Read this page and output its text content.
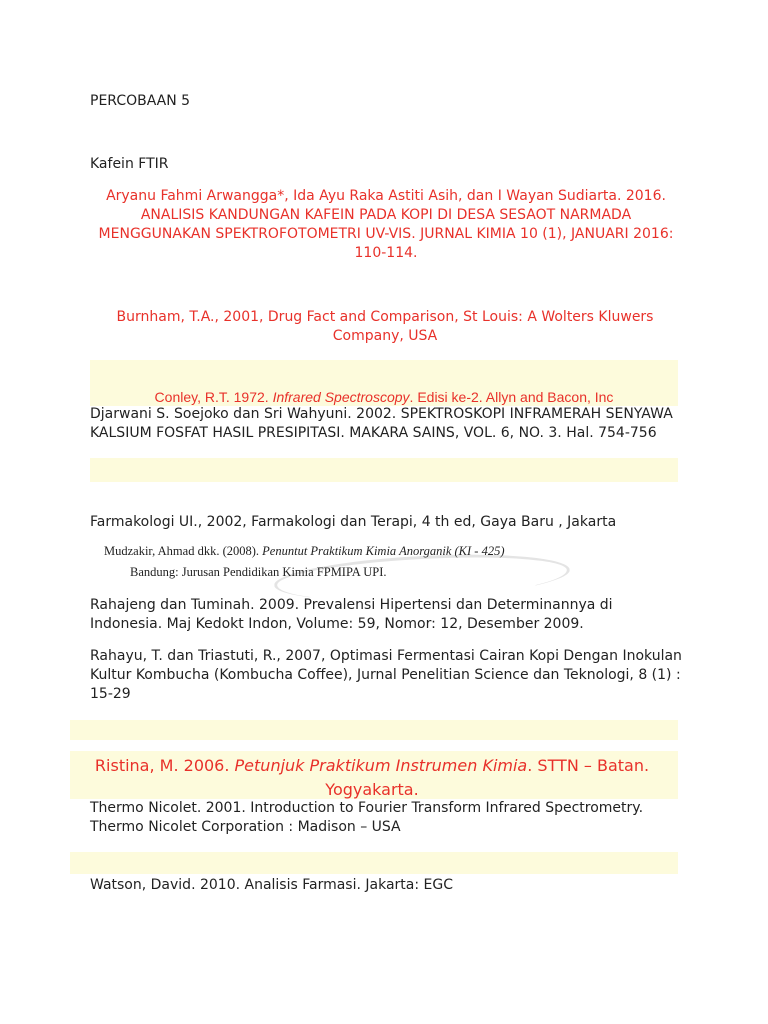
PERCOBAAN 5

Kafein FTIR

Aryanu Fahmi Arwangga*, Ida Ayu Raka Astiti Asih, dan I Wayan Sudiarta. 2016. ANALISIS KANDUNGAN KAFEIN PADA KOPI DI DESA SESAOT NARMADA MENGGUNAKAN SPEKTROFOTOMETRI UV-VIS. JURNAL KIMIA 10 (1), JANUARI 2016: 110-114.

Burnham, T.A., 2001, Drug Fact and Comparison, St Louis: A Wolters Kluwers Company, USA

Conley, R.T. 1972. Infrared Spectroscopy. Edisi ke-2. Allyn and Bacon, Inc

Djarwani S. Soejoko dan Sri Wahyuni. 2002. SPEKTROSKOPI INFRAMERAH SENYAWA KALSIUM FOSFAT HASIL PRESIPITASI. MAKARA SAINS, VOL. 6, NO. 3. Hal. 754-756

Farmakologi UI., 2002, Farmakologi dan Terapi, 4 th ed, Gaya Baru , Jakarta

Mudzakir, Ahmad dkk. (2008). Penuntut Praktikum Kimia Anorganik (KI - 425)
Bandung: Jurusan Pendidikan Kimia FPMIPA UPI.

Rahajeng dan Tuminah. 2009. Prevalensi Hipertensi dan Determinannya di Indonesia. Maj Kedokt Indon, Volume: 59, Nomor: 12, Desember 2009.

Rahayu, T. dan Triastuti, R., 2007, Optimasi Fermentasi Cairan Kopi Dengan Inokulan Kultur Kombucha (Kombucha Coffee), Jurnal Penelitian Science dan Teknologi, 8 (1) : 15-29

Ristina, M. 2006. Petunjuk Praktikum Instrumen Kimia. STTN – Batan. Yogyakarta.

Thermo Nicolet. 2001. Introduction to Fourier Transform Infrared Spectrometry. Thermo Nicolet Corporation : Madison – USA

Watson, David. 2010. Analisis Farmasi. Jakarta: EGC
